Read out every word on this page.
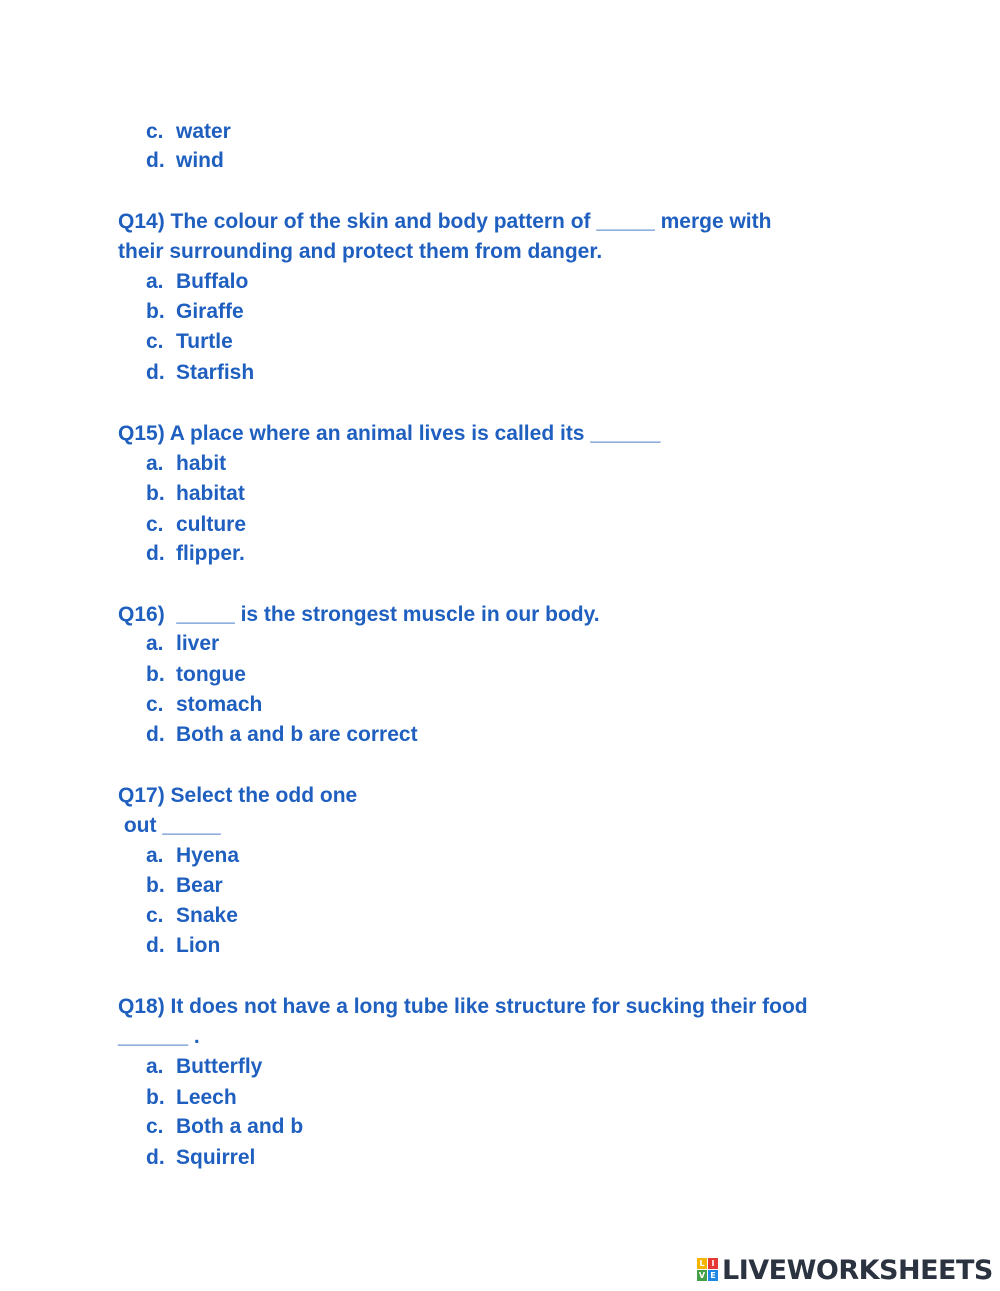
c. water
d. wind
Q14) The colour of the skin and body pattern of _____ merge with
their surrounding and protect them from danger.
a. Buffalo
b. Giraffe
c. Turtle
d. Starfish
Q15) A place where an animal lives is called its ______
a. habit
b. habitat
c. culture
d. flipper.
Q16)  _____ is the strongest muscle in our body.
a. liver
b. tongue
c. stomach
d. Both a and b are correct
Q17) Select the odd one
out _____
a. Hyena
b. Bear
c. Snake
d. Lion
Q18) It does not have a long tube like structure for sucking their food
______ .
a. Butterfly
b. Leech
c. Both a and b
d. Squirrel
L I
V E LIVEWORKSHEETS
